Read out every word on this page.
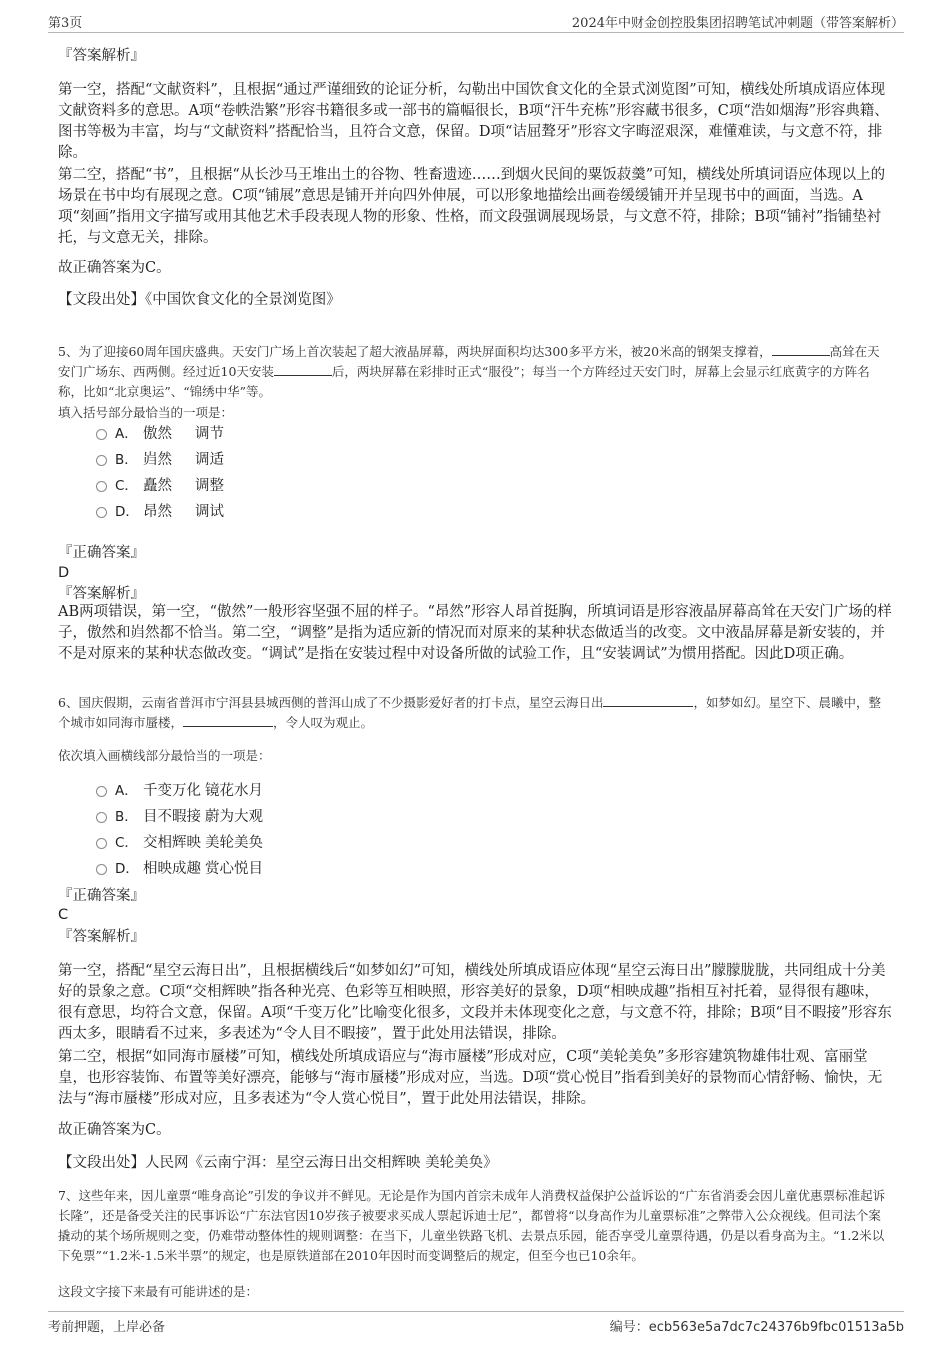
第3页	2024年中财金创控股集团招聘笔试冲刺题（带答案解析）
『答案解析』

第一空，搭配“文献资料”，且根据“通过严谨细致的论证分析，勾勒出中国饮食文化的全景式浏览图”可知，横线处所填成语应体现文献资料多的意思。A项“卷帙浩繁”形容书籍很多或一部书的篇幅很长，B项“汗牛充栋”形容藏书很多，C项“浩如烟海”形容典籍、图书等极为丰富，均与“文献资料”搭配恰当，且符合文意，保留。D项“诘屈聱牙”形容文字晦涩艰深，难懂难读，与文意不符，排除。

第二空，搭配“书”，且根据“从长沙马王堆出土的谷物、牲畜遗迹……到烟火民间的粟饭菽羹”可知，横线处所填词语应体现以上的场景在书中均有展现之意。C项“铺展”意思是铺开并向四外伸展，可以形象地描绘出画卷缓缓铺开并呈现书中的画面，当选。A项“刻画”指用文字描写或用其他艺术手段表现人物的形象、性格，而文段强调展现场景，与文意不符，排除；B项“铺衬”指铺垫衬托，与文意无关，排除。

故正确答案为C。
【文段出处】《中国饮食文化的全景浏览图》

5、为了迎接60周年国庆盛典。天安门广场上首次装起了超大液晶屏幕，两块屏面积均达300多平方米，被20米高的钢架支撑着，	高耸在天安门广场东、西两侧。经过近10天安装	后，两块屏幕在彩排时正式“服役”；每当一个方阵经过天安门时，屏幕上会显示红底黄字的方阵名称，比如“北京奥运”、“锦绣中华”等。

填入括号部分最恰当的一项是：
A． 傲然 调节
B． 岿然 调适
C． 矗然 调整
D． 昂然 调试
『正确答案』
D
『答案解析』

AB两项错误，第一空，“傲然”一般形容坚强不屈的样子。“昂然”形容人昂首挺胸，所填词语是形容液晶屏幕高耸在天安门广场的样子，傲然和岿然都不恰当。第二空，“调整”是指为适应新的情况而对原来的某种状态做适当的改变。文中液晶屏幕是新安装的，并不是对原来的某种状态做改变。“调试”是指在安装过程中对设备所做的试验工作，且“安装调试”为惯用搭配。因此D项正确。

6、国庆假期，云南省普洱市宁洱县县城西侧的普洱山成了不少摄影爱好者的打卡点，星空云海日出	，如梦如幻。星空下、晨曦中，整个城市如同海市蜃楼，	，令人叹为观止。

依次填入画横线部分最恰当的一项是：
A． 千变万化 镜花水月
B． 目不暇接 蔚为大观
C． 交相辉映 美轮美奂
D． 相映成趣 赏心悦目
『正确答案』
C
『答案解析』

第一空，搭配“星空云海日出”，且根据横线后“如梦如幻”可知，横线处所填成语应体现“星空云海日出”朦朦胧胧，共同组成十分美好的景象之意。C项“交相辉映”指各种光亮、色彩等互相映照，形容美好的景象，D项“相映成趣”指相互衬托着，显得很有趣味，很有意思，均符合文意，保留。A项“千变万化”比喻变化很多，文段并未体现变化之意，与文意不符，排除；B项“目不暇接”形容东西太多，眼睛看不过来，多表述为“令人目不暇接”，置于此处用法错误，排除。

第二空，根据“如同海市蜃楼”可知，横线处所填成语应与“海市蜃楼”形成对应，C项“美轮美奂”多形容建筑物雄伟壮观、富丽堂皇，也形容装饰、布置等美好漂亮，能够与“海市蜃楼”形成对应，当选。D项“赏心悦目”指看到美好的景物而心情舒畅、愉快，无法与“海市蜃楼”形成对应，且多表述为“令人赏心悦目”，置于此处用法错误，排除。

故正确答案为C。
【文段出处】人民网《云南宁洱：星空云海日出交相辉映 美轮美奂》

7、这些年来，因儿童票“唯身高论”引发的争议并不鲜见。无论是作为国内首宗未成年人消费权益保护公益诉讼的“广东省消委会因儿童优惠票标准起诉长隆”，还是备受关注的民事诉讼“广东法官因10岁孩子被要求买成人票起诉迪士尼”，都曾将“以身高作为儿童票标准”之弊带入公众视线。但司法个案撬动的某个场所规则之变，仍难带动整体性的规则调整：在当下，儿童坐铁路飞机、去景点乐园，能否享受儿童票待遇，仍是以看身高为主。“1.2米以下免票”“1.2米-1.5米半票”的规定，也是原铁道部在2010年因时而变调整后的规定，但至今也已10余年。

这段文字接下来最有可能讲述的是：
考前押题，上岸必备	编号：ecb563e5a7dc7c24376b9fbc01513a5b
